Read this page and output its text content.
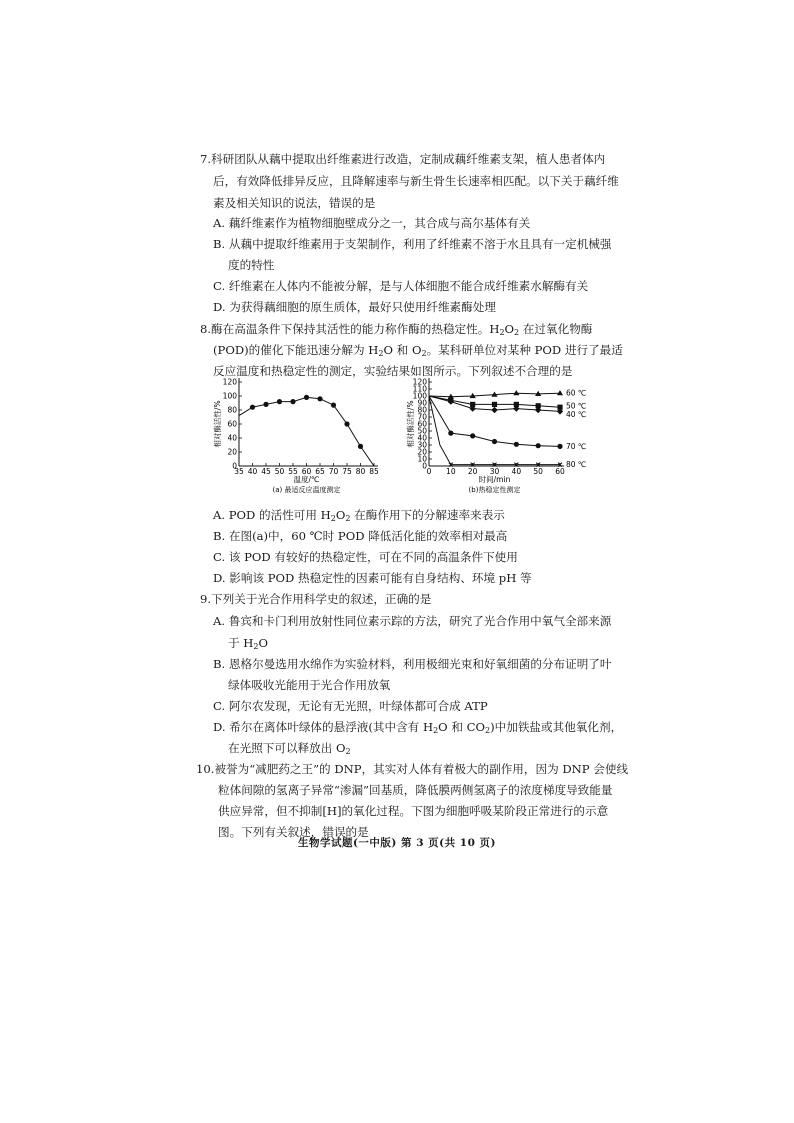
7.科研团队从藕中提取出纤维素进行改造，定制成藕纤维素支架，植人患者体内
后，有效降低排异反应，且降解速率与新生骨生长速率相匹配。以下关于藕纤维
素及相关知识的说法，错误的是
A. 藕纤维素作为植物细胞壁成分之一，其合成与高尔基体有关
B. 从藕中提取纤维素用于支架制作，利用了纤维素不溶于水且具有一定机械强
度的特性
C. 纤维素在人体内不能被分解，是与人体细胞不能合成纤维素水解酶有关
D. 为获得藕细胞的原生质体，最好只使用纤维素酶处理
8.酶在高温条件下保持其活性的能力称作酶的热稳定性。$H_2O_2$ 在过氧化物酶
(POD)的催化下能迅速分解为 $H_2O$ 和 $O_2$。某科研单位对某种 POD 进行了最适
反应温度和热稳定性的测定，实验结果如图所示。下列叙述不合理的是
0
20
40
60
80
100
120
35 40 45 50 55 60 65 70 75 80 85
温度/℃
相对酶活性/%
(a) 最适反应温度测定
0
10
20
30
40
50
60
70
80
90
100
110
120
0 10 20 30 40 50 60
时间/min
相对酶活性/%
(b)热稳定性测定
60 ℃
50 ℃
40 ℃
70 ℃
80 ℃
A. POD 的活性可用 $H_2O_2$ 在酶作用下的分解速率来表示
B. 在图(a)中，60 ℃时 POD 降低活化能的效率相对最高
C. 该 POD 有较好的热稳定性，可在不同的高温条件下使用
D. 影响该 POD 热稳定性的因素可能有自身结构、环境 pH 等
9.下列关于光合作用科学史的叙述，正确的是
A. 鲁宾和卡门利用放射性同位素示踪的方法，研究了光合作用中氧气全部来源
于 $H_2O$
B. 恩格尔曼选用水绵作为实验材料，利用极细光束和好氧细菌的分布证明了叶
绿体吸收光能用于光合作用放氧
C. 阿尔农发现，无论有无光照，叶绿体都可合成 ATP
D. 希尔在离体叶绿体的悬浮液(其中含有 $H_2O$ 和 $CO_2$)中加铁盐或其他氧化剂，
在光照下可以释放出 $O_2$
10.被誉为“减肥药之王”的 DNP，其实对人体有着极大的副作用，因为 DNP 会使线
粒体间隙的氢离子异常“渗漏”回基质，降低膜两侧氢离子的浓度梯度导致能量
供应异常，但不抑制[H]的氧化过程。下图为细胞呼吸某阶段正常进行的示意
图。下列有关叙述，错误的是
生物学试题(一中版) 第 3 页(共 10 页)
